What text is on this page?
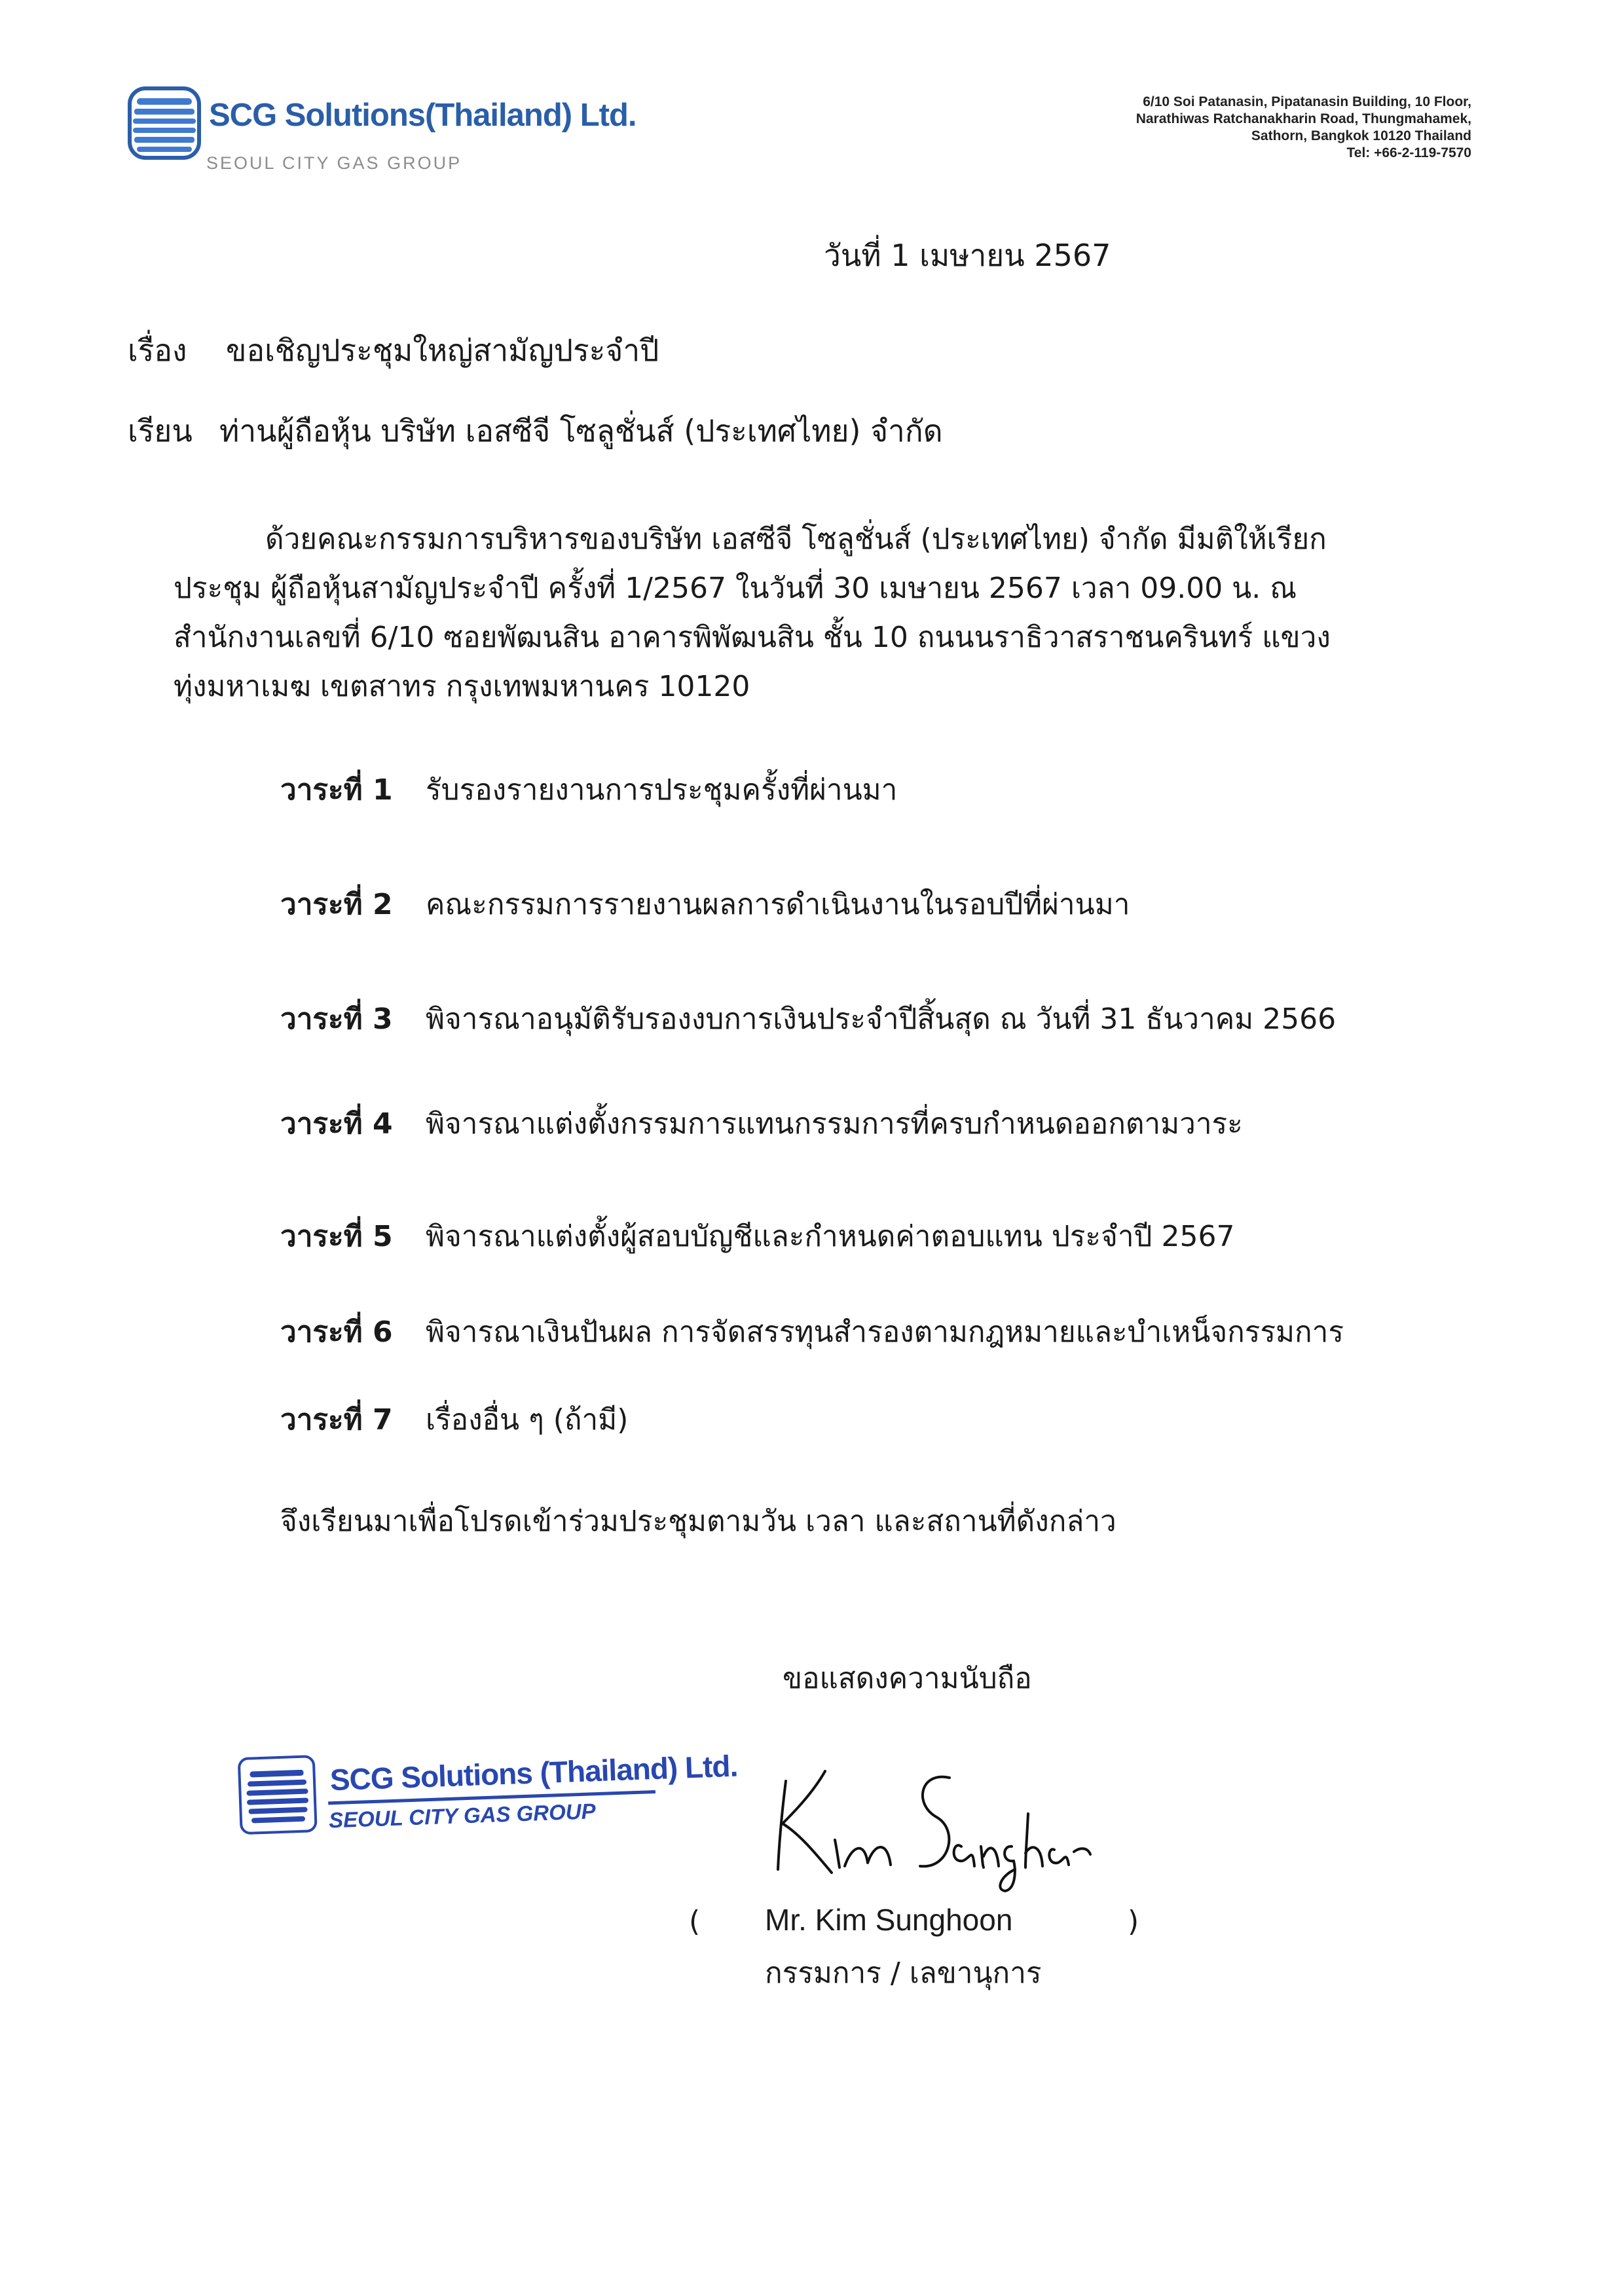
SCG Solutions(Thailand) Ltd.
SEOUL CITY GAS GROUP
6/10 Soi Patanasin, Pipatanasin Building, 10 Floor,
Narathiwas Ratchanakharin Road, Thungmahamek,
Sathorn, Bangkok 10120 Thailand
Tel: +66-2-119-7570
วันที่ 1 เมษายน 2567
เรื่อง ขอเชิญประชุมใหญ่สามัญประจำปี
เรียน ท่านผู้ถือหุ้น บริษัท เอสซีจี โซลูชั่นส์ (ประเทศไทย) จำกัด
ด้วยคณะกรรมการบริหารของบริษัท เอสซีจี โซลูชั่นส์ (ประเทศไทย) จำกัด มีมติให้เรียก
ประชุม ผู้ถือหุ้นสามัญประจำปี ครั้งที่ 1/2567 ในวันที่ 30 เมษายน 2567 เวลา 09.00 น. ณ
สำนักงานเลขที่ 6/10 ซอยพัฒนสิน อาคารพิพัฒนสิน ชั้น 10 ถนนนราธิวาสราชนครินทร์ แขวง
ทุ่งมหาเมฆ เขตสาทร กรุงเทพมหานคร 10120
วาระที่ 1 รับรองรายงานการประชุมครั้งที่ผ่านมา
วาระที่ 2 คณะกรรมการรายงานผลการดำเนินงานในรอบปีที่ผ่านมา
วาระที่ 3 พิจารณาอนุมัติรับรองงบการเงินประจำปีสิ้นสุด ณ วันที่ 31 ธันวาคม 2566
วาระที่ 4 พิจารณาแต่งตั้งกรรมการแทนกรรมการที่ครบกำหนดออกตามวาระ
วาระที่ 5 พิจารณาแต่งตั้งผู้สอบบัญชีและกำหนดค่าตอบแทน ประจำปี 2567
วาระที่ 6 พิจารณาเงินปันผล การจัดสรรทุนสำรองตามกฎหมายและบำเหน็จกรรมการ
วาระที่ 7 เรื่องอื่น ๆ (ถ้ามี)
จึงเรียนมาเพื่อโปรดเข้าร่วมประชุมตามวัน เวลา และสถานที่ดังกล่าว
ขอแสดงความนับถือ
SCG Solutions (Thailand) Ltd.
SEOUL CITY GAS GROUP
( Mr. Kim Sunghoon	)
กรรมการ / เลขานุการ
